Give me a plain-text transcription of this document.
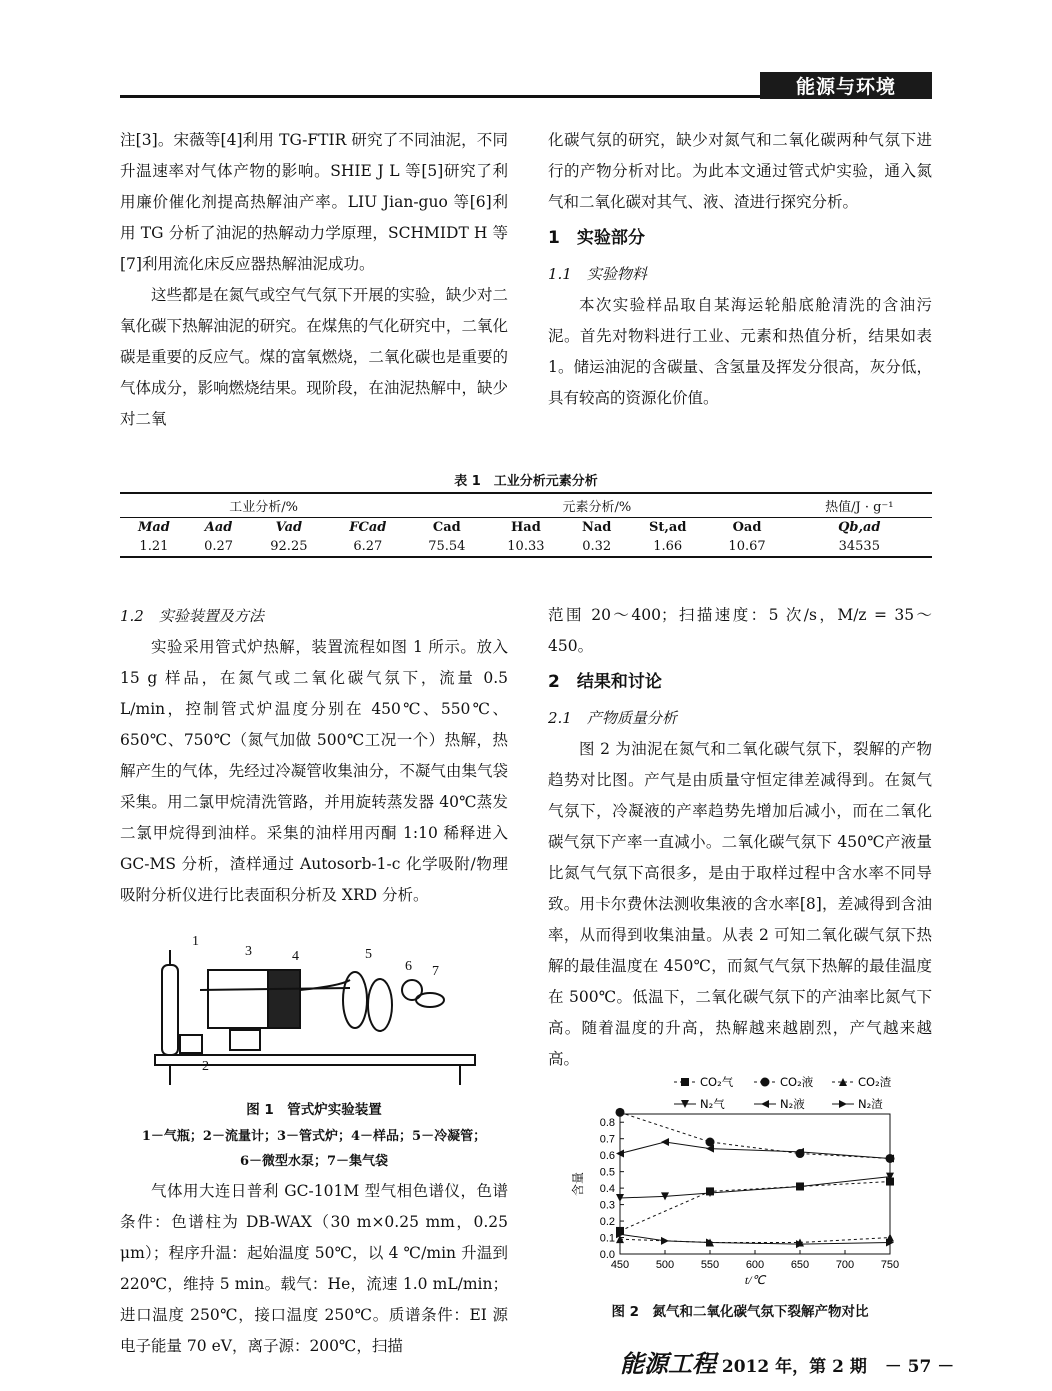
能源与环境

注[3]。宋薇等[4]利用 TG-FTIR 研究了不同油泥，不同升温速率对气体产物的影响。SHIE J L 等[5]研究了利用廉价催化剂提高热解油产率。LIU Jian-guo 等[6]利用 TG 分析了油泥的热解动力学原理，SCHMIDT H 等[7]利用流化床反应器热解油泥成功。

这些都是在氮气或空气气氛下开展的实验，缺少对二氧化碳下热解油泥的研究。在煤焦的气化研究中，二氧化碳是重要的反应气。煤的富氧燃烧，二氧化碳也是重要的气体成分，影响燃烧结果。现阶段，在油泥热解中，缺少对二氧

化碳气氛的研究，缺少对氮气和二氧化碳两种气氛下进行的产物分析对比。为此本文通过管式炉实验，通入氮气和二氧化碳对其气、液、渣进行探究分析。

1　实验部分
1.1　实验物料

本次实验样品取自某海运轮船底舱清洗的含油污泥。首先对物料进行工业、元素和热值分析，结果如表 1。储运油泥的含碳量、含氢量及挥发分很高，灰分低，具有较高的资源化价值。

表 1　工业分析元素分析
工业分析/%				元素分析/%					热值/J · g⁻¹
Mad	Aad	Vad	FCad	Cad	Had	Nad	St,ad	Oad	Qb,ad
1.21	0.27	92.25	6.27	75.54	10.33	0.32	1.66	10.67	34535
1.2　实验装置及方法

实验采用管式炉热解，装置流程如图 1 所示。放入 15 g 样品，在氮气或二氧化碳气氛下，流量 0.5 L/min，控制管式炉温度分别在 450℃、550℃、650℃、750℃（氮气加做 500℃工况一个）热解，热解产生的气体，先经过冷凝管收集油分，不凝气由集气袋采集。用二氯甲烷清洗管路，并用旋转蒸发器 40℃蒸发二氯甲烷得到油样。采集的油样用丙酮 1:10 稀释进入 GC-MS 分析，渣样通过 Autosorb-1-c 化学吸附/物理吸附分析仪进行比表面积分析及 XRD 分析。

1
2
3	4	5
6 7
图 1　管式炉实验装置
1－气瓶；2－流量计；3－管式炉；4－样品；5－冷凝管；
6－微型水泵；7－集气袋

气体用大连日普利 GC-101M 型气相色谱仪，色谱条件：色谱柱为 DB-WAX（30 m×0.25 mm，0.25 μm）；程序升温：起始温度 50℃，以 4 ℃/min 升温到 220℃，维持 5 min。载气：He，流速 1.0 mL/min；进口温度 250℃，接口温度 250℃。质谱条件：EI 源电子能量 70 eV，离子源：200℃，扫描

范围 20～400；扫描速度：5 次/s，M/z = 35～450。

2　结果和讨论
2.1　产物质量分析

图 2 为油泥在氮气和二氧化碳气氛下，裂解的产物趋势对比图。产气是由质量守恒定律差减得到。在氮气气氛下，冷凝液的产率趋势先增加后减小，而在二氧化碳气氛下产率一直减小。二氧化碳气氛下 450℃产液量比氮气气氛下高很多，是由于取样过程中含水率不同导致。用卡尔费休法测收集液的含水率[8]，差减得到含油率，从而得到收集油量。从表 2 可知二氧化碳气氛下热解的最佳温度在 450℃，而氮气气氛下热解的最佳温度在 500℃。低温下，二氧化碳气氛下的产油率比氮气下高。随着温度的升高，热解越来越剧烈，产气越来越高。

0.0
0.1
0.2
0.3
0.4
0.5
0.6
0.7
0.8
450 500 550 600 650 700 750
t/℃
含量
CO₂气	CO₂液	CO₂渣
N₂气	N₂液	N₂渣
图 2　氮气和二氧化碳气氛下裂解产物对比
能源工程 2012 年，第 2 期 － 57 －
